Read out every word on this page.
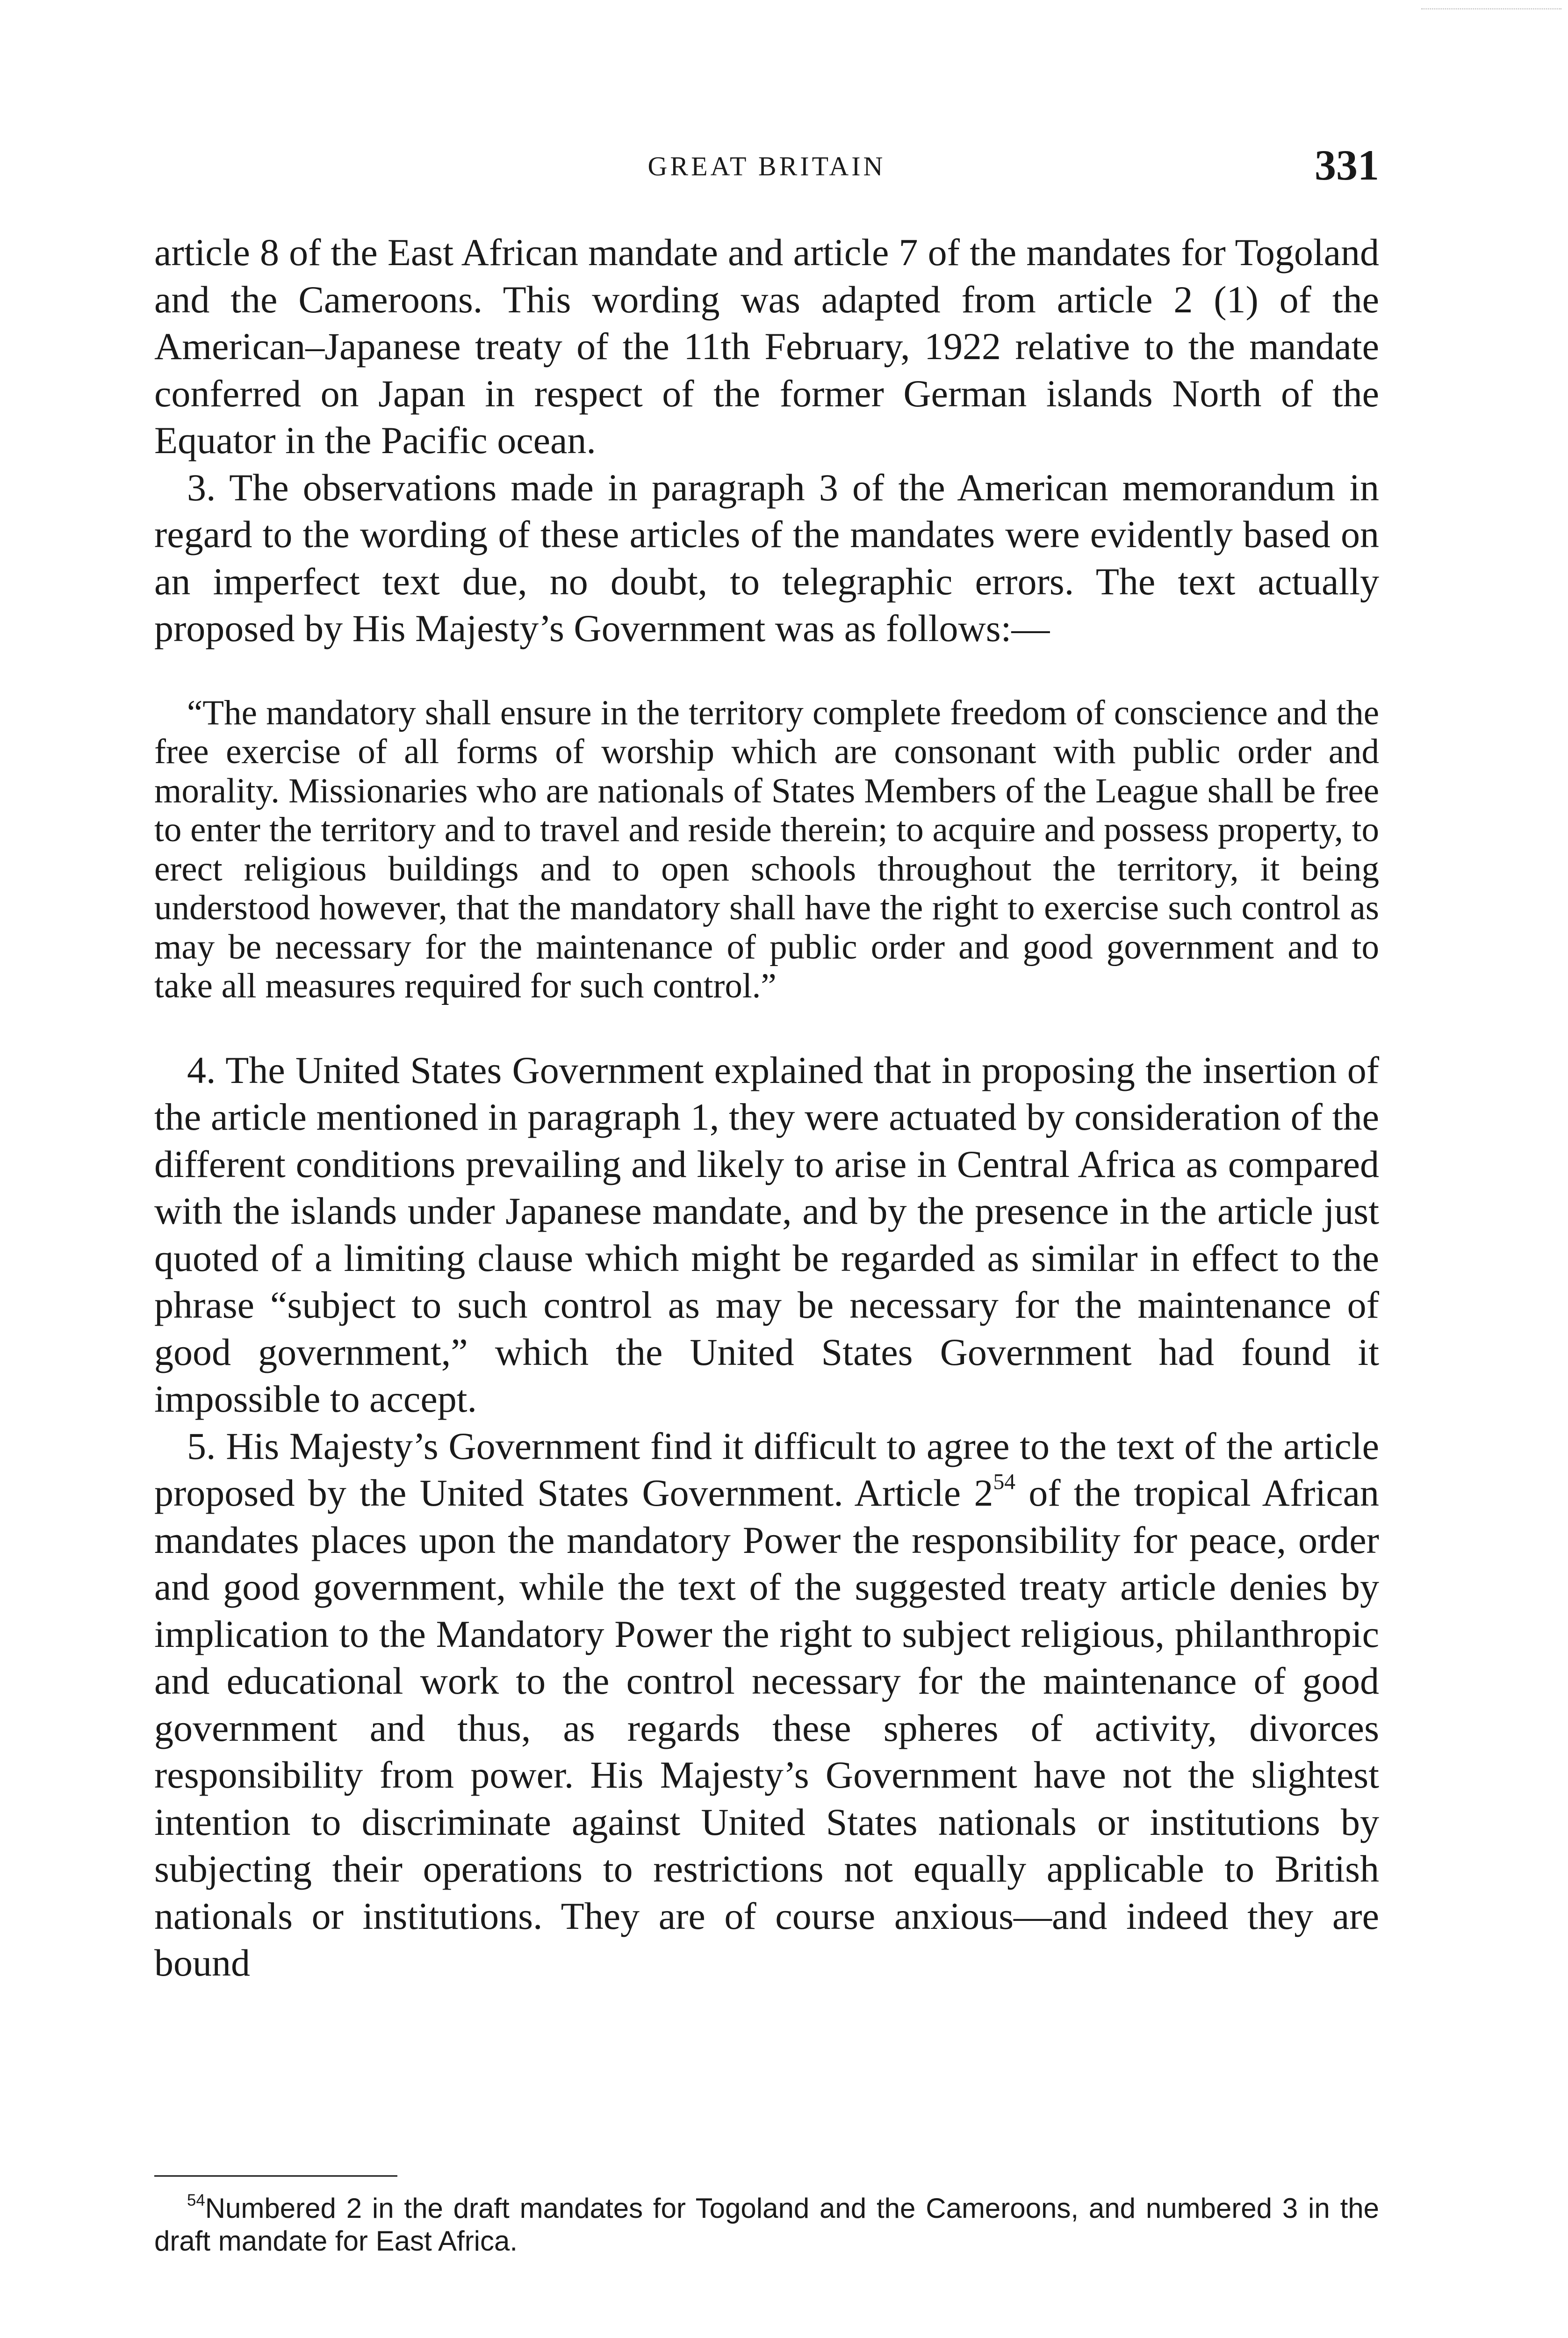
GREAT BRITAIN	331

article 8 of the East African mandate and article 7 of the mandates for Togoland and the Cameroons. This wording was adapted from article 2 (1) of the American–Japanese treaty of the 11th February, 1922 relative to the mandate conferred on Japan in respect of the former German islands North of the Equator in the Pacific ocean.

3. The observations made in paragraph 3 of the American memorandum in regard to the wording of these articles of the mandates were evidently based on an imperfect text due, no doubt, to telegraphic errors. The text actually proposed by His Majesty’s Government was as follows:—

“The mandatory shall ensure in the territory complete freedom of conscience and the free exercise of all forms of worship which are consonant with public order and morality. Missionaries who are nationals of States Members of the League shall be free to enter the territory and to travel and reside therein; to acquire and possess property, to erect religious buildings and to open schools throughout the territory, it being understood however, that the mandatory shall have the right to exercise such control as may be necessary for the maintenance of public order and good government and to take all measures required for such control.”

4. The United States Government explained that in proposing the insertion of the article mentioned in paragraph 1, they were actuated by consideration of the different conditions prevailing and likely to arise in Central Africa as compared with the islands under Japanese mandate, and by the presence in the article just quoted of a limiting clause which might be regarded as similar in effect to the phrase “subject to such control as may be necessary for the maintenance of good government,” which the United States Government had found it impossible to accept.

5. His Majesty’s Government find it difficult to agree to the text of the article proposed by the United States Government. Article $2^{54}$ of the tropical African mandates places upon the mandatory Power the responsibility for peace, order and good government, while the text of the suggested treaty article denies by implication to the Mandatory Power the right to subject religious, philanthropic and educational work to the control necessary for the maintenance of good government and thus, as regards these spheres of activity, divorces responsibility from power. His Majesty’s Government have not the slightest intention to discriminate against United States nationals or institutions by subjecting their operations to restrictions not equally applicable to British nationals or institutions. They are of course anxious—and indeed they are bound

$^{54}$Numbered 2 in the draft mandates for Togoland and the Cameroons, and numbered 3 in the draft mandate for East Africa.
